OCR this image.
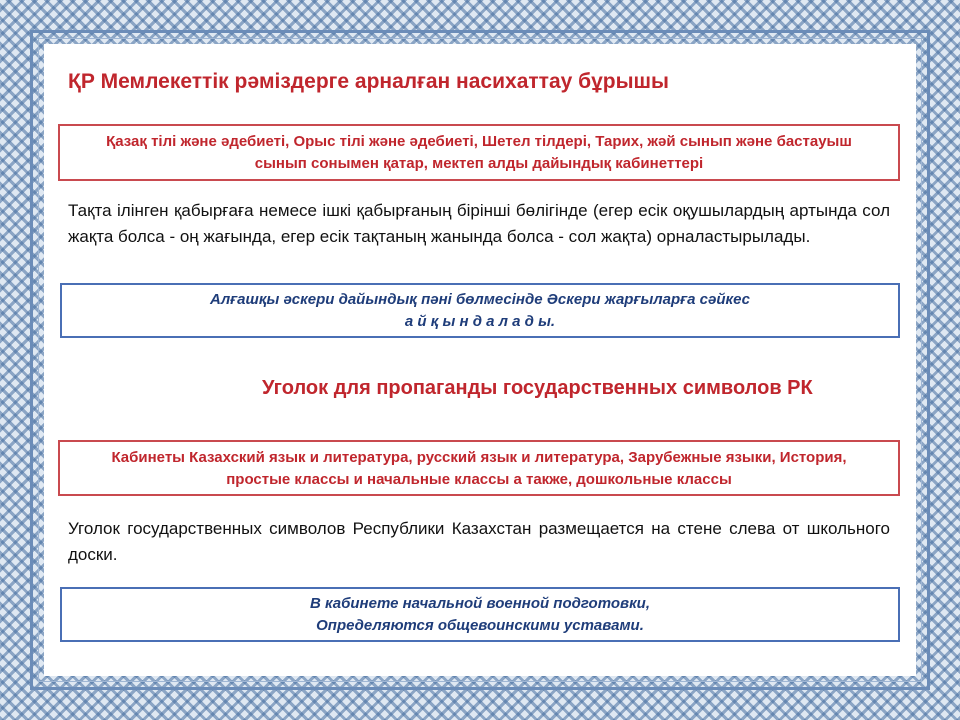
ҚР Мемлекеттік рәміздерге арналған насихаттау бұрышы
Қазақ тілі және әдебиеті, Орыс тілі және әдебиеті, Шетел тілдері, Тарих, жәй сынып және бастауыш
сынып сонымен қатар, мектеп алды дайындық кабинеттері
Тақта ілінген қабырғаға немесе ішкі қабырғаның бірінші бөлігінде (егер есік оқушылардың артында сол жақта болса - оң жағында, егер есік тақтаның жанында болса - сол жақта) орналастырылады.
Алғашқы әскери дайындық пәні бөлмесінде Әскери жарғыларға сәйкес
а й қ ы н д а л а д ы.
Уголок для пропаганды государственных символов РК
Кабинеты Казахский язык и литература, русский язык и литература, Зарубежные языки, История,
простые классы и начальные классы а также, дошкольные классы
Уголок государственных символов Республики Казахстан размещается на стене слева от школьного доски.
В кабинете начальной военной подготовки,
Определяются общевоинскими уставами.
